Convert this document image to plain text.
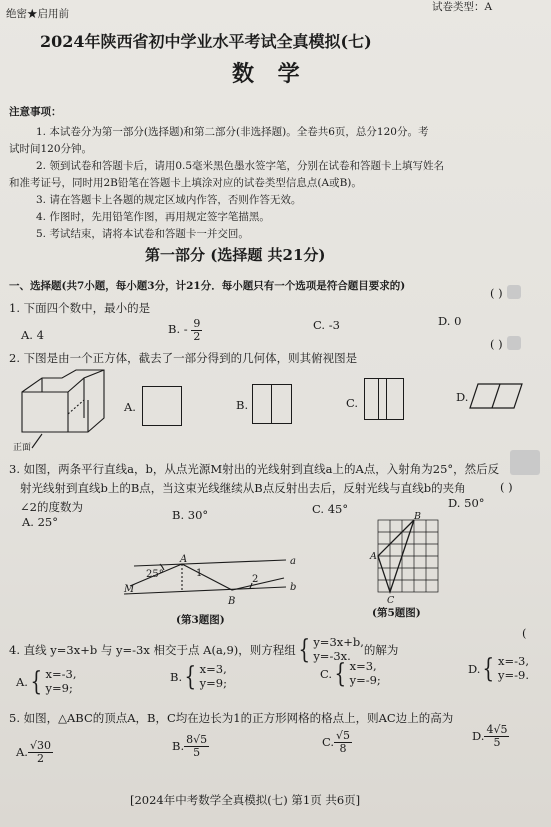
绝密★启用前
试卷类型：A
2024年陕西省初中学业水平考试全真模拟(七)
数 学
注意事项：
1. 本试卷分为第一部分(选择题)和第二部分(非选择题)。全卷共6页，总分120分。考
试时间120分钟。
2. 领到试卷和答题卡后，请用0.5毫米黑色墨水签字笔，分别在试卷和答题卡上填写姓名
和准考证号，同时用2B铅笔在答题卡上填涂对应的试卷类型信息点(A或B)。
3. 请在答题卡上各题的规定区域内作答，否则作答无效。
4. 作图时，先用铅笔作图，再用规定签字笔描黑。
5. 考试结束，请将本试卷和答题卡一并交回。
第一部分 (选择题 共21分)
一、选择题(共7小题，每小题3分，计21分．每小题只有一个选项是符合题目要求的)
1. 下面四个数中，最小的是
( )
A. 4	B. - $\frac{9}{2}$	C. -3	D. 0
2. 下图是由一个正方体，截去了一部分得到的几何体，则其俯视图是
( )
正面
A.	B.	C.	D.
3. 如图，两条平行直线a，b，从点光源M射出的光线射到直线a上的A点，入射角为25°，然后反
射光线射到直线b上的B点，当这束光线继续从B点反射出去后，反射光线与直线b的夹角
∠2的度数为
( )
A. 25°	B. 30°	C. 45°	D. 50°
25°
A
B
M
a
b
1
2
(第3题图)
A
B
C
(第5题图)
4. 直线 y=3x+b 与 y=-3x 相交于点 A(a,9)，则方程组 { y=3x+b,
y=-3x.	的解为
(
A. { x=-3,
y=9;
B. { x=3,
y=9;
C. { x=3,
y=-9;
D. { x=-3,
y=-9.
5. 如图，△ABC的顶点A，B，C均在边长为1的正方形网格的格点上，则AC边上的高为
A. $\frac{√30}{2}$	B. $\frac{8√5}{5}$	C. $\frac{√5}{8}$	D. $\frac{4√5}{5}$
[2024年中考数学全真模拟(七) 第1页 共6页]
